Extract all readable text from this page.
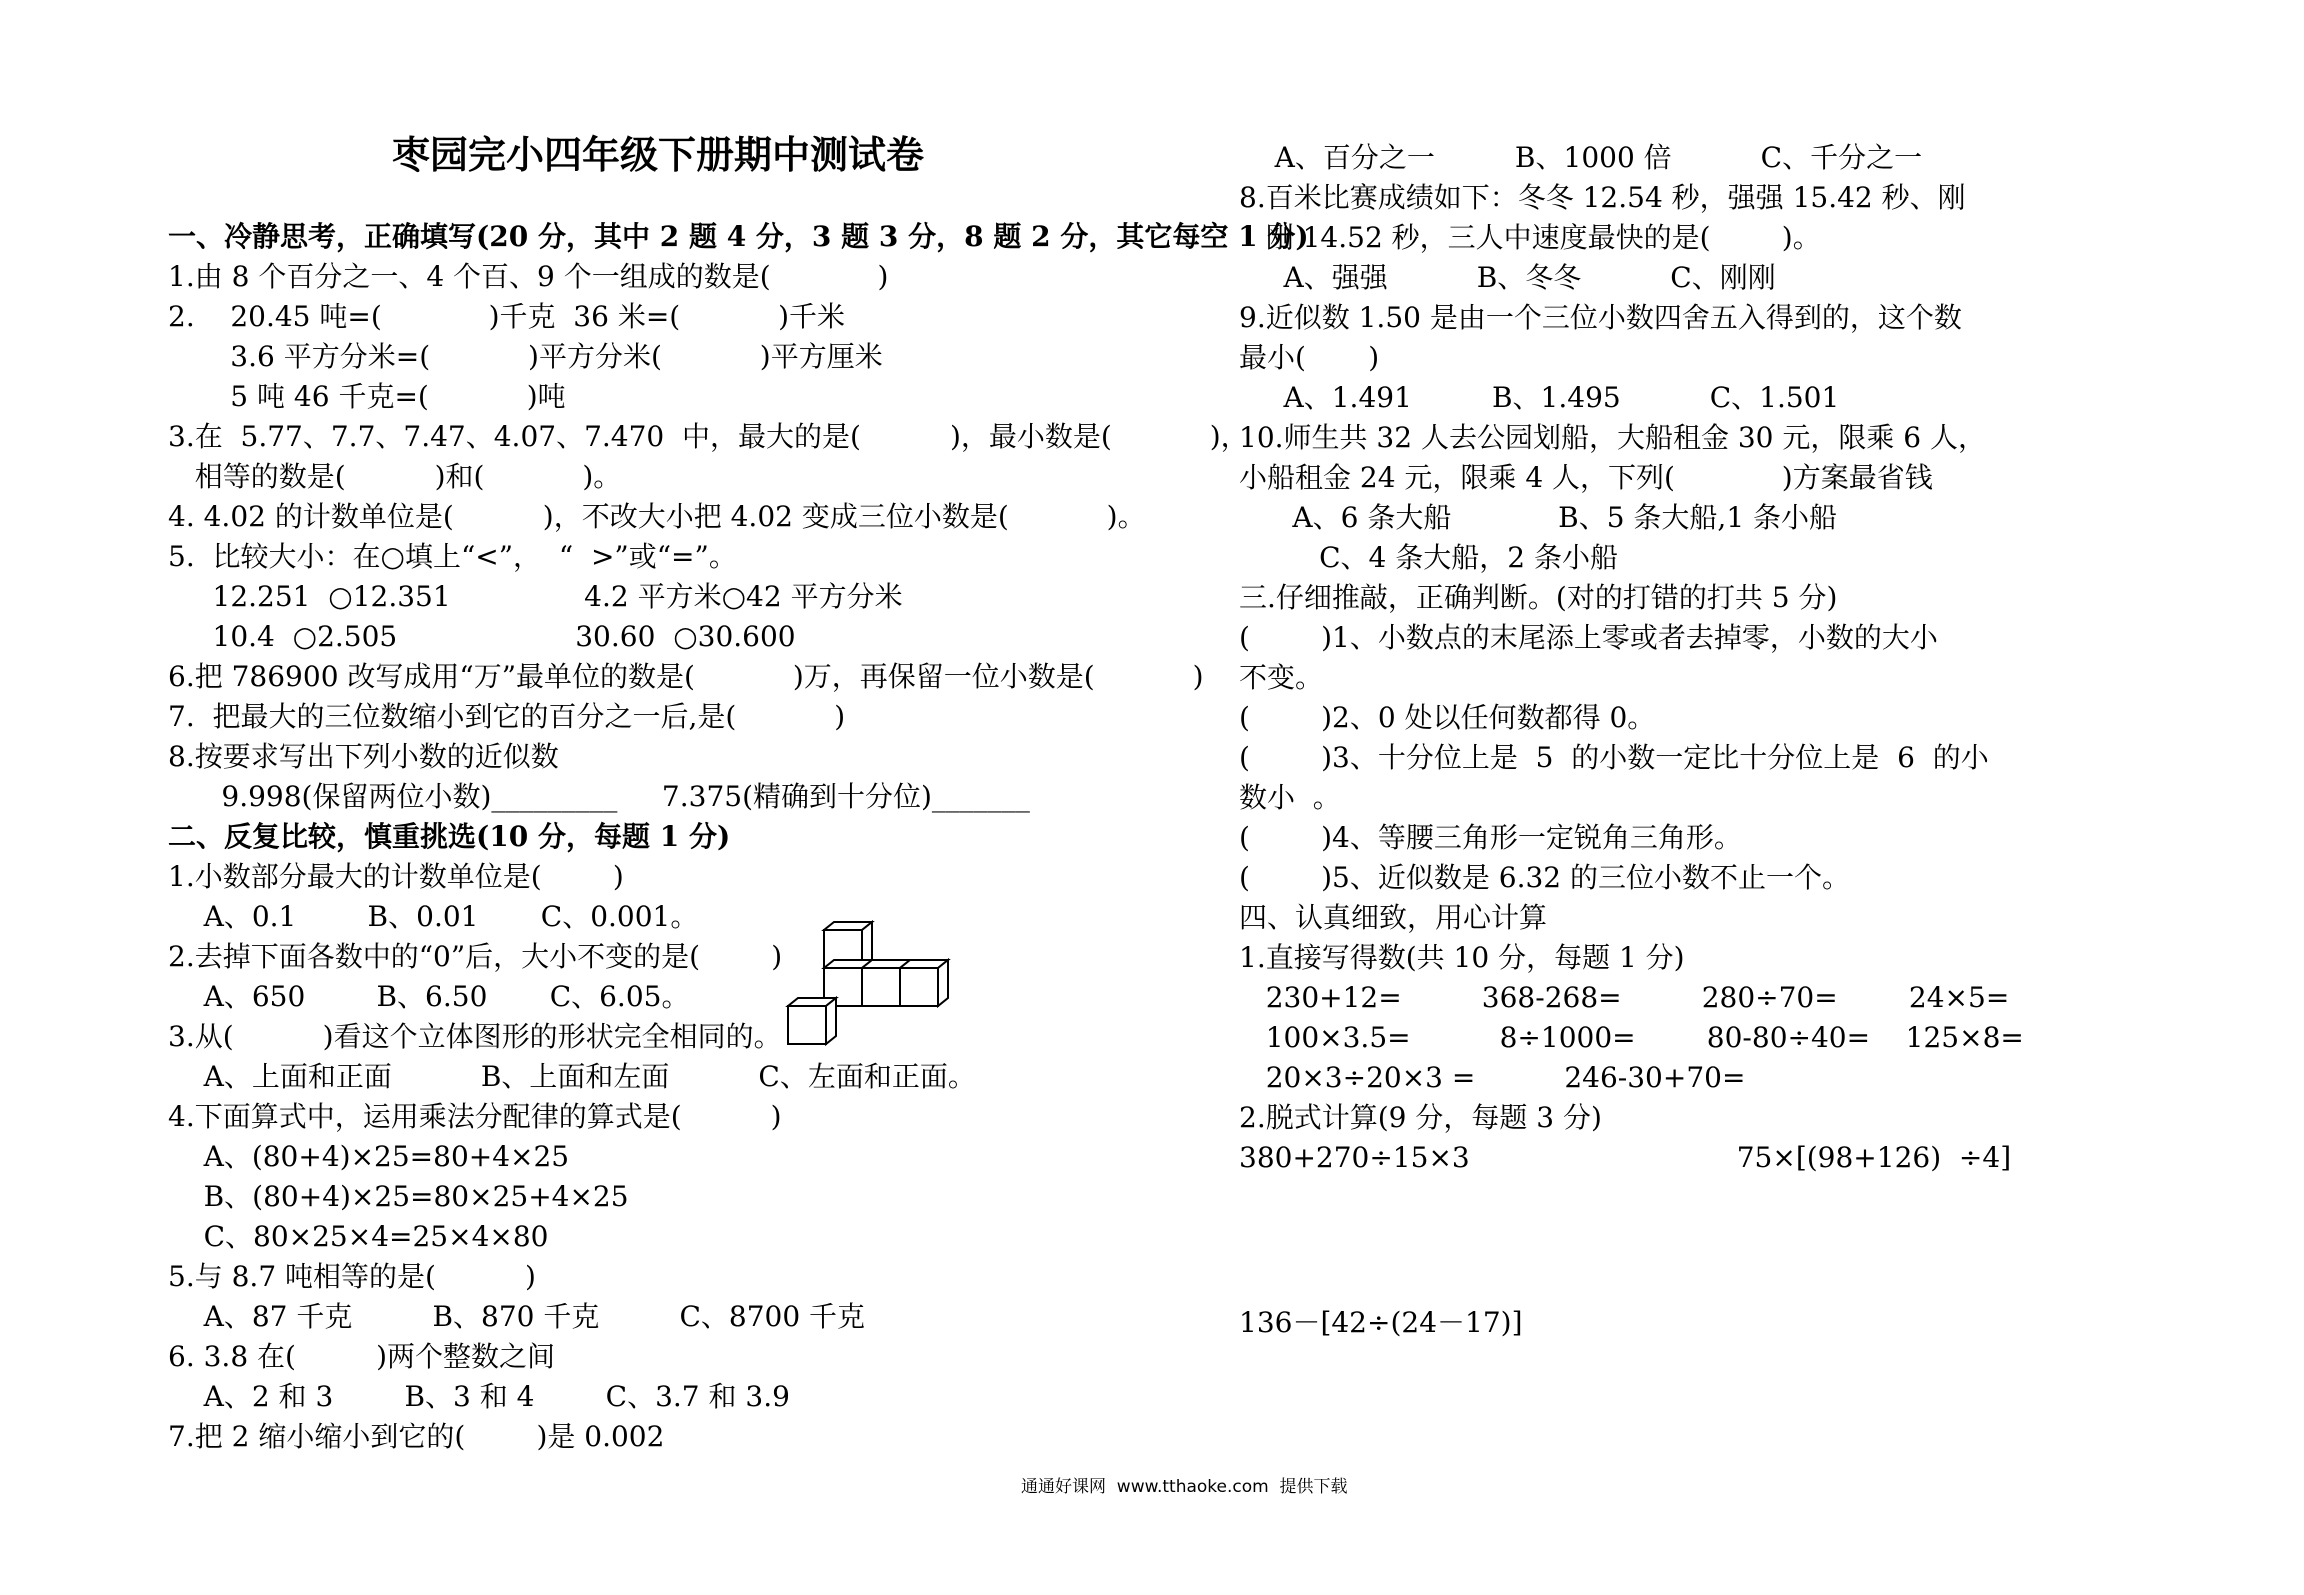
枣园完小四年级下册期中测试卷
一、冷静思考，正确填写(20 分，其中 2 题 4 分，3 题 3 分，8 题 2 分，其它每空 1 分)
1.由 8 个百分之一、4 个百、9 个一组成的数是(            )
2.    20.45 吨=(            )千克  36 米=(           )千米
3.6 平方分米=(           )平方分米(           )平方厘米
5 吨 46 千克=(           )吨
3.在  5.77、7.7、7.47、4.07、7.470  中，最大的是(          )，最小数是(           )，
相等的数是(          )和(           )。
4. 4.02 的计数单位是(          )，不改大小把 4.02 变成三位小数是(           )。
5.  比较大小：在○填上“<”，  “  >”或“=”。
12.251  ○12.351               4.2 平方米○42 平方分米
10.4  ○2.505                    30.60  ○30.600
6.把 786900 改写成用“万”最单位的数是(           )万，再保留一位小数是(           )
7.  把最大的三位数缩小到它的百分之一后,是(           )
8.按要求写出下列小数的近似数
9.998(保留两位小数)_________     7.375(精确到十分位)_______
二、反复比较，慎重挑选(10 分，每题 1 分)
1.小数部分最大的计数单位是(        )
A、0.1        B、0.01       C、0.001。
2.去掉下面各数中的“0”后，大小不变的是(        )
A、650        B、6.50       C、6.05。
3.从(          )看这个立体图形的形状完全相同的。
A、上面和正面          B、上面和左面          C、左面和正面。
4.下面算式中，运用乘法分配律的算式是(          )
A、(80+4)×25=80+4×25
B、(80+4)×25=80×25+4×25
C、80×25×4=25×4×80
5.与 8.7 吨相等的是(          )
A、87 千克         B、870 千克         C、8700 千克
6. 3.8 在(         )两个整数之间
A、2 和 3        B、3 和 4        C、3.7 和 3.9
7.把 2 缩小缩小到它的(        )是 0.002
A、百分之一         B、1000 倍          C、千分之一
8.百米比赛成绩如下：冬冬 12.54 秒，强强 15.42 秒、刚
刚 14.52 秒，三人中速度最快的是(        )。
A、强强          B、冬冬          C、刚刚
9.近似数 1.50 是由一个三位小数四舍五入得到的，这个数
最小(       )
A、1.491         B、1.495          C、1.501
10.师生共 32 人去公园划船，大船租金 30 元，限乘 6 人，
小船租金 24 元，限乘 4 人，下列(            )方案最省钱
A、6 条大船            B、5 条大船,1 条小船
C、4 条大船，2 条小船
三.仔细推敲，正确判断。(对的打错的打共 5 分)
(        )1、小数点的末尾添上零或者去掉零，小数的大小
不变。
(        )2、0 处以任何数都得 0。
(        )3、十分位上是  5  的小数一定比十分位上是  6  的小
数小  。
(        )4、等腰三角形一定锐角三角形。
(        )5、近似数是 6.32 的三位小数不止一个。
四、认真细致，用心计算
1.直接写得数(共 10 分，每题 1 分)
230+12=         368-268=         280÷70=        24×5=
100×3.5=          8÷1000=        80-80÷40=    125×8=
20×3÷20×3 =          246-30+70=
2.脱式计算(9 分，每题 3 分)
380+270÷15×3                              75×[(98+126)  ÷4]
136－[42÷(24－17)]
通通好课网  www.tthaoke.com  提供下载
